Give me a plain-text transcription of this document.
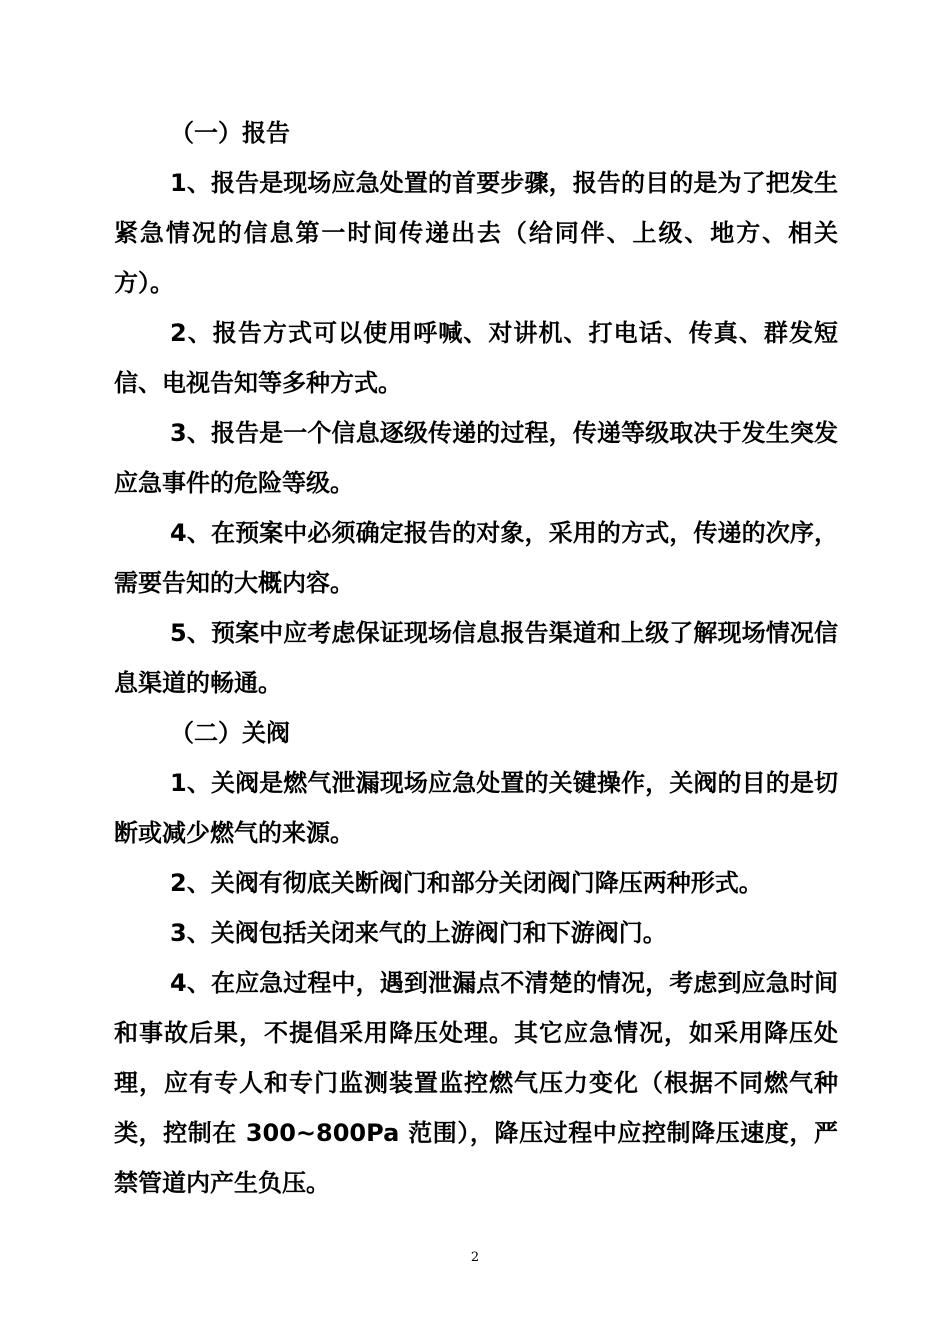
（一）报告

1、报告是现场应急处置的首要步骤，报告的目的是为了把发生紧急情况的信息第一时间传递出去（给同伴、上级、地方、相关方）。

2、报告方式可以使用呼喊、对讲机、打电话、传真、群发短信、电视告知等多种方式。

3、报告是一个信息逐级传递的过程，传递等级取决于发生突发应急事件的危险等级。

4、在预案中必须确定报告的对象，采用的方式，传递的次序，需要告知的大概内容。

5、预案中应考虑保证现场信息报告渠道和上级了解现场情况信息渠道的畅通。

（二）关阀

1、关阀是燃气泄漏现场应急处置的关键操作，关阀的目的是切断或减少燃气的来源。

2、关阀有彻底关断阀门和部分关闭阀门降压两种形式。

3、关阀包括关闭来气的上游阀门和下游阀门。

4、在应急过程中，遇到泄漏点不清楚的情况，考虑到应急时间和事故后果，不提倡采用降压处理。其它应急情况，如采用降压处理，应有专人和专门监测装置监控燃气压力变化（根据不同燃气种类，控制在 300~800Pa 范围），降压过程中应控制降压速度，严禁管道内产生负压。

2
